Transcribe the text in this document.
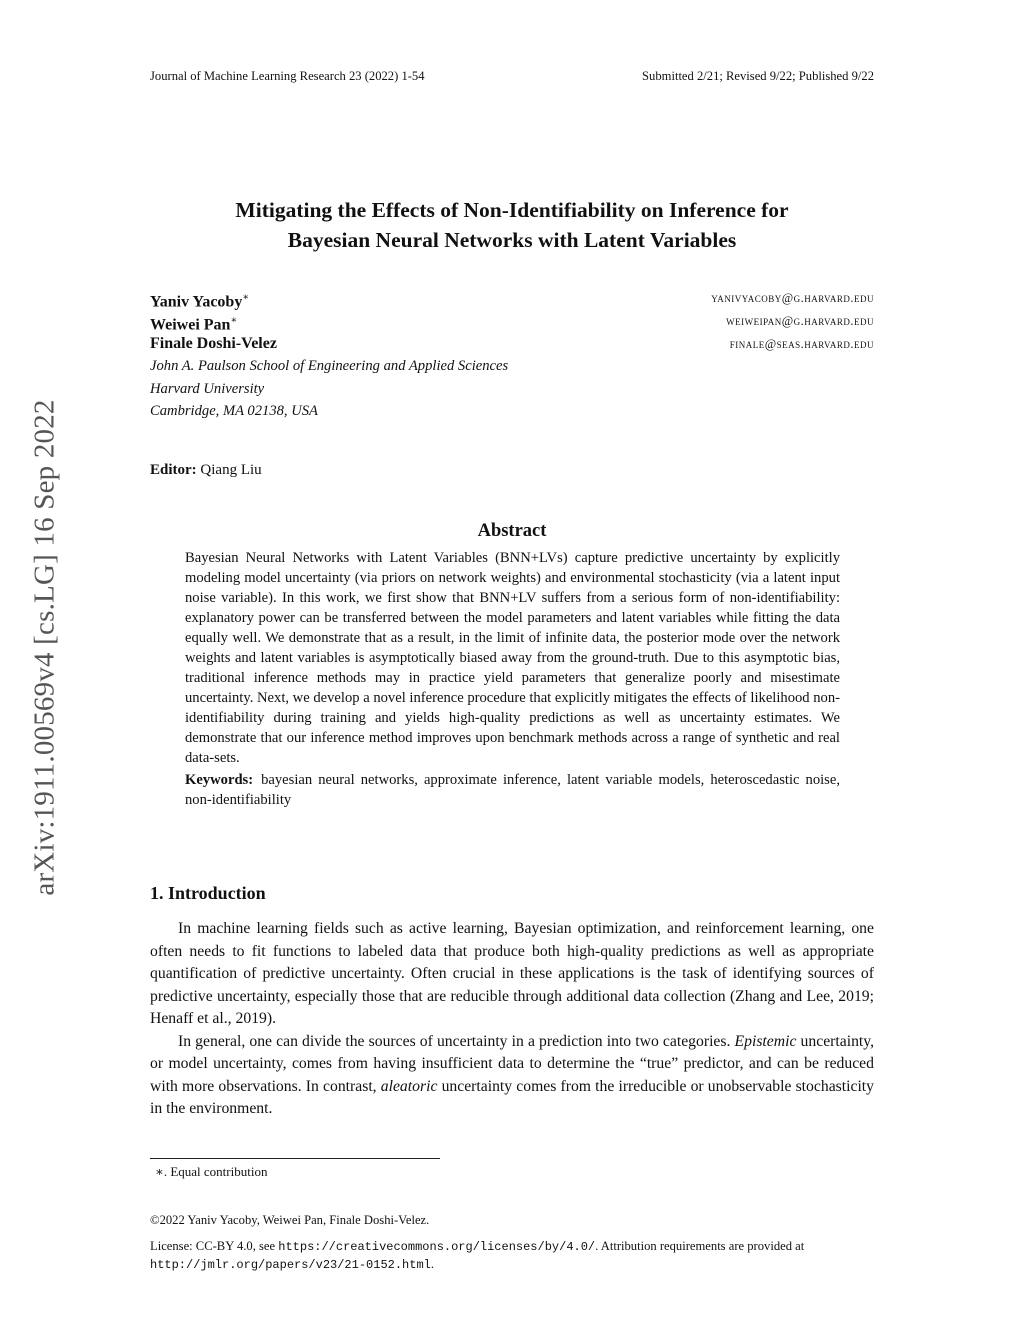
Journal of Machine Learning Research 23 (2022) 1-54	Submitted 2/21; Revised 9/22; Published 9/22
arXiv:1911.00569v4 [cs.LG] 16 Sep 2022
Mitigating the Effects of Non-Identifiability on Inference for
Bayesian Neural Networks with Latent Variables
Yaniv Yacoby∗	yanivyacoby@g.harvard.edu
Weiwei Pan∗	weiweipan@g.harvard.edu
Finale Doshi-Velez	finale@seas.harvard.edu
John A. Paulson School of Engineering and Applied Sciences
Harvard University
Cambridge, MA 02138, USA
Editor: Qiang Liu
Abstract

Bayesian Neural Networks with Latent Variables (BNN+LVs) capture predictive uncertainty by explicitly modeling model uncertainty (via priors on network weights) and environmental stochasticity (via a latent input noise variable). In this work, we first show that BNN+LV suffers from a serious form of non-identifiability: explanatory power can be transferred between the model parameters and latent variables while fitting the data equally well. We demonstrate that as a result, in the limit of infinite data, the posterior mode over the network weights and latent variables is asymptotically biased away from the ground-truth. Due to this asymptotic bias, traditional inference methods may in practice yield parameters that generalize poorly and misestimate uncertainty. Next, we develop a novel inference procedure that explicitly mitigates the effects of likelihood non-identifiability during training and yields high-quality predictions as well as uncertainty estimates. We demonstrate that our inference method improves upon benchmark methods across a range of synthetic and real data-sets.

Keywords: bayesian neural networks, approximate inference, latent variable models, heteroscedastic noise, non-identifiability

1. Introduction

In machine learning fields such as active learning, Bayesian optimization, and reinforcement learning, one often needs to fit functions to labeled data that produce both high-quality predictions as well as appropriate quantification of predictive uncertainty. Often crucial in these applications is the task of identifying sources of predictive uncertainty, especially those that are reducible through additional data collection (Zhang and Lee, 2019; Henaff et al., 2019).

In general, one can divide the sources of uncertainty in a prediction into two categories. Epistemic uncertainty, or model uncertainty, comes from having insufficient data to determine the “true” predictor, and can be reduced with more observations. In contrast, aleatoric uncertainty comes from the irreducible or unobservable stochasticity in the environment.

∗. Equal contribution
©2022 Yaniv Yacoby, Weiwei Pan, Finale Doshi-Velez.
License: CC-BY 4.0, see https://creativecommons.org/licenses/by/4.0/. Attribution requirements are provided at http://jmlr.org/papers/v23/21-0152.html.
